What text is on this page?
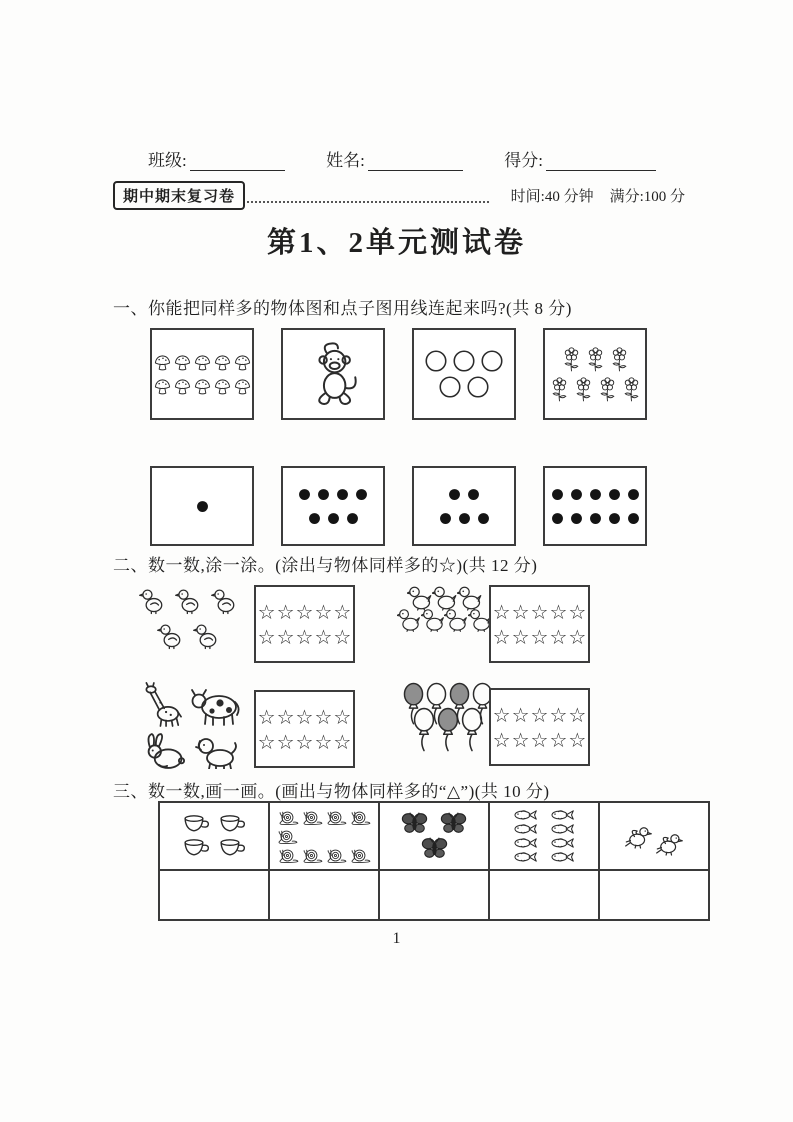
班级:	姓名:	得分:
期中期末复习卷	时间:40 分钟 满分:100 分
第1、2单元测试卷
一、你能把同样多的物体图和点子图用线连起来吗?(共 8 分)
二、数一数,涂一涂。(涂出与物体同样多的☆)(共 12 分)
☆ ☆ ☆ ☆ ☆
☆ ☆ ☆ ☆ ☆
☆ ☆ ☆ ☆ ☆
☆ ☆ ☆ ☆ ☆
☆ ☆ ☆ ☆ ☆
☆ ☆ ☆ ☆ ☆
☆ ☆ ☆ ☆ ☆
☆ ☆ ☆ ☆ ☆
三、数一数,画一画。(画出与物体同样多的“△”)(共 10 分)

1
